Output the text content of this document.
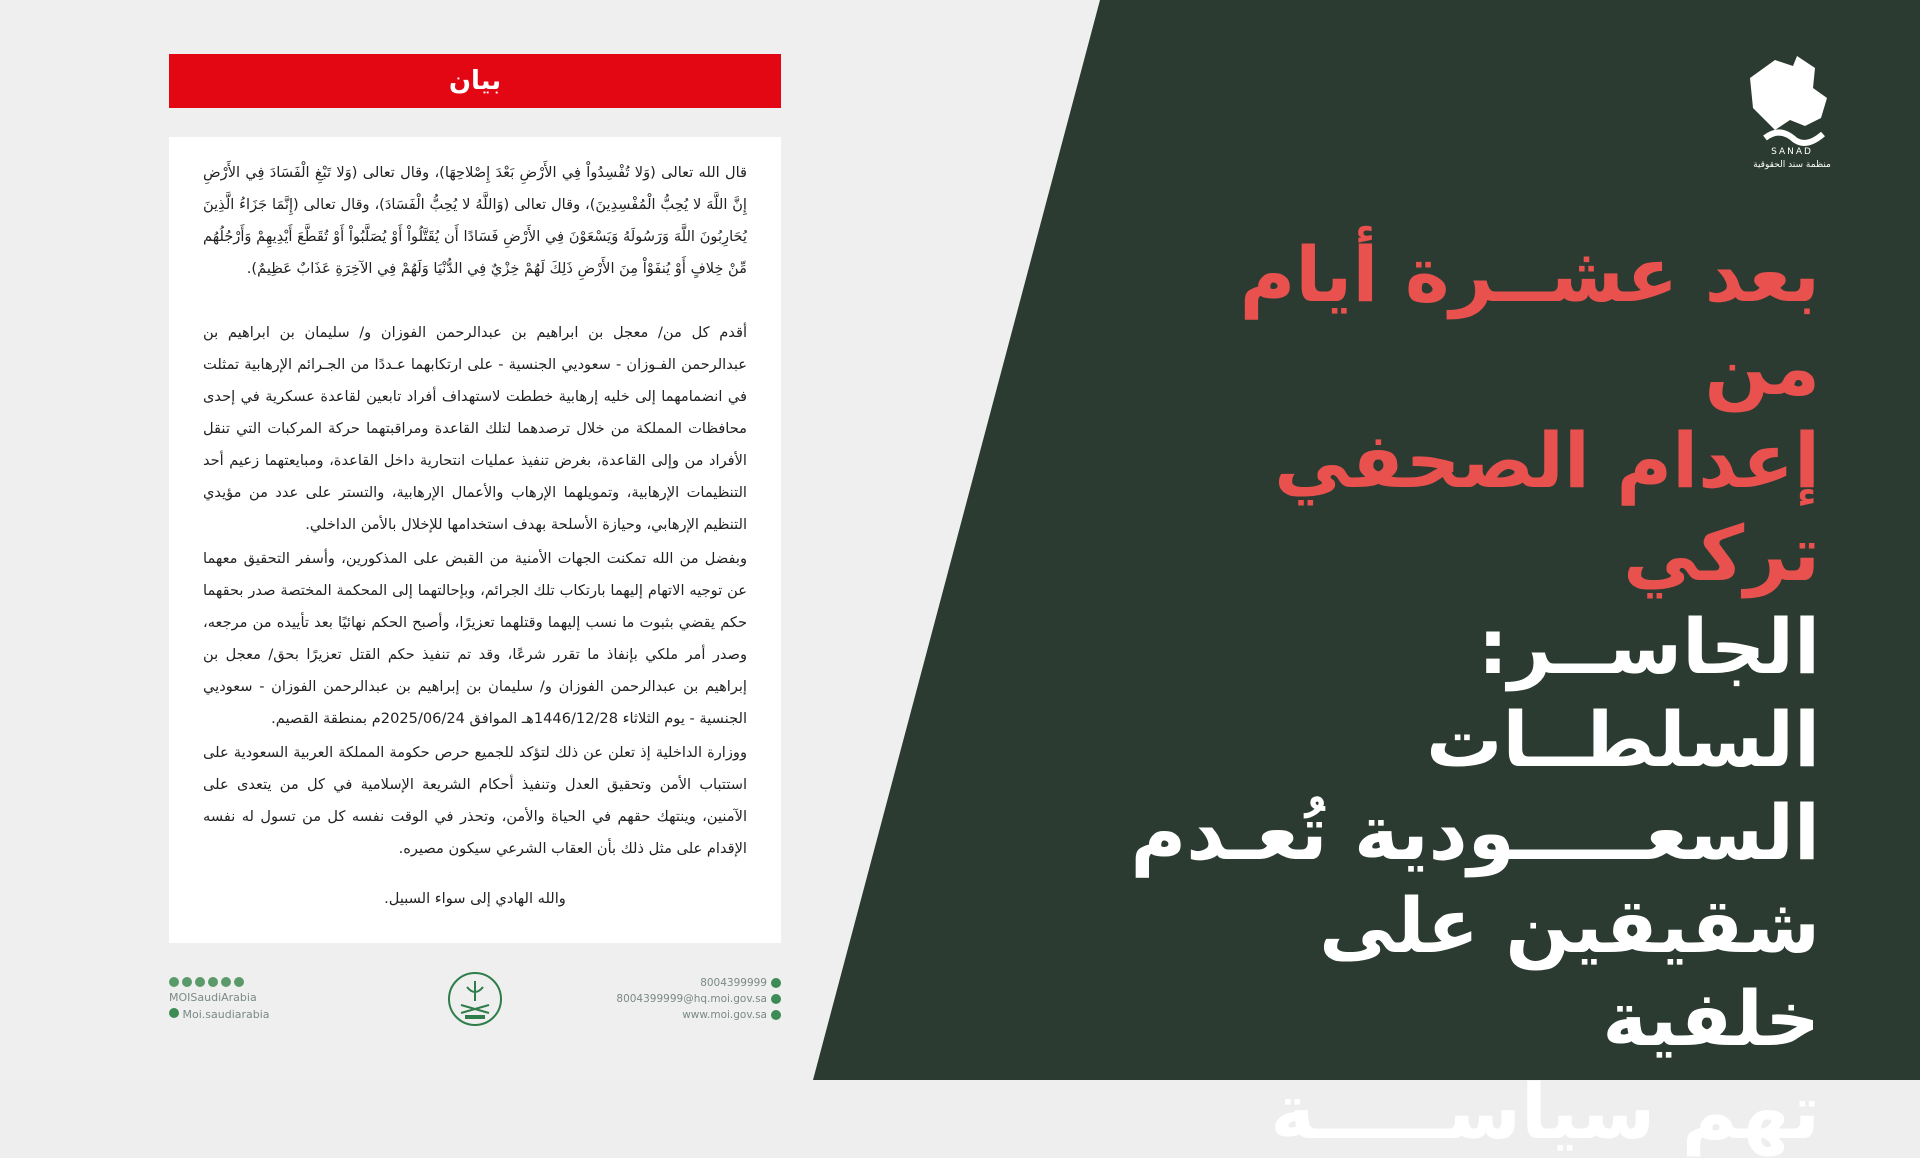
بيان

قال الله تعالى (وَلا تُفْسِدُواْ فِي الأَرْضِ بَعْدَ إِصْلاحِهَا)، وقال تعالى (وَلا تَبْغِ الْفَسَادَ فِي الأَرْضِ إِنَّ اللَّهَ لا يُحِبُّ الْمُفْسِدِينَ)، وقال تعالى (وَاللَّهُ لا يُحِبُّ الْفَسَادَ)، وقال تعالى (إِنَّمَا جَزَاءُ الَّذِينَ يُحَارِبُونَ اللَّهَ وَرَسُولَهُ وَيَسْعَوْنَ فِي الأَرْضِ فَسَادًا أَن يُقَتَّلُواْ أَوْ يُصَلَّبُواْ أَوْ تُقَطَّعَ أَيْدِيهِمْ وَأَرْجُلُهُم مِّنْ خِلافٍ أَوْ يُنفَوْاْ مِنَ الأَرْضِ ذَلِكَ لَهُمْ خِزْيٌ فِي الدُّنْيَا وَلَهُمْ فِي الآخِرَةِ عَذَابٌ عَظِيمٌ).

أقدم كل من/ معجل بن ابراهيم بن عبدالرحمن الفوزان و/ سليمان بن ابراهيم بن عبدالرحمن الفـوزان - سعوديي الجنسية - على ارتكابهما عـددًا من الجـرائم الإرهابية تمثلت في انضمامهما إلى خليه إرهابية خططت لاستهداف أفراد تابعين لقاعدة عسكرية في إحدى محافظات المملكة من خلال ترصدهما لتلك القاعدة ومراقبتهما حركة المركبات التي تنقل الأفراد من وإلى القاعدة، بغرض تنفيذ عمليات انتحارية داخل القاعدة، ومبايعتهما زعيم أحد التنظيمات الإرهابية، وتمويلهما الإرهاب والأعمال الإرهابية، والتستر على عدد من مؤيدي التنظيم الإرهابي، وحيازة الأسلحة بهدف استخدامها للإخلال بالأمن الداخلي.

وبفضل من الله تمكنت الجهات الأمنية من القبض على المذكورين، وأسفر التحقيق معهما عن توجيه الاتهام إليهما بارتكاب تلك الجرائم، وبإحالتهما إلى المحكمة المختصة صدر بحقهما حكم يقضي بثبوت ما نسب إليهما وقتلهما تعزيرًا، وأصبح الحكم نهائيًا بعد تأييده من مرجعه، وصدر أمر ملكي بإنفاذ ما تقرر شرعًا، وقد تم تنفيذ حكم القتل تعزيرًا بحق/ معجل بن إبراهيم بن عبدالرحمن الفوزان و/ سليمان بن إبراهيم بن عبدالرحمن الفوزان - سعوديي الجنسية - يوم الثلاثاء 1446/12/28هـ الموافق 2025/06/24م بمنطقة القصيم.

ووزارة الداخلية إذ تعلن عن ذلك لتؤكد للجميع حرص حكومة المملكة العربية السعودية على استتباب الأمن وتحقيق العدل وتنفيذ أحكام الشريعة الإسلامية في كل من يتعدى على الآمنين، وينتهك حقهم في الحياة والأمن، وتحذر في الوقت نفسه كل من تسول له نفسه الإقدام على مثل ذلك بأن العقاب الشرعي سيكون مصيره.

والله الهادي إلى سواء السبيل.

MOISaudiArabia
Moi.saudiarabia
8004399999
8004399999@hq.moi.gov.sa
www.moi.gov.sa
SANAD
منظمة سند الحقوقية
بعد عشــرة أيام من
إعدام الصحفي تركي
الجاســر: السلطــات
السعـــــودية تُعـدم
شقيقين على خلفية
تهم سياســـــة
